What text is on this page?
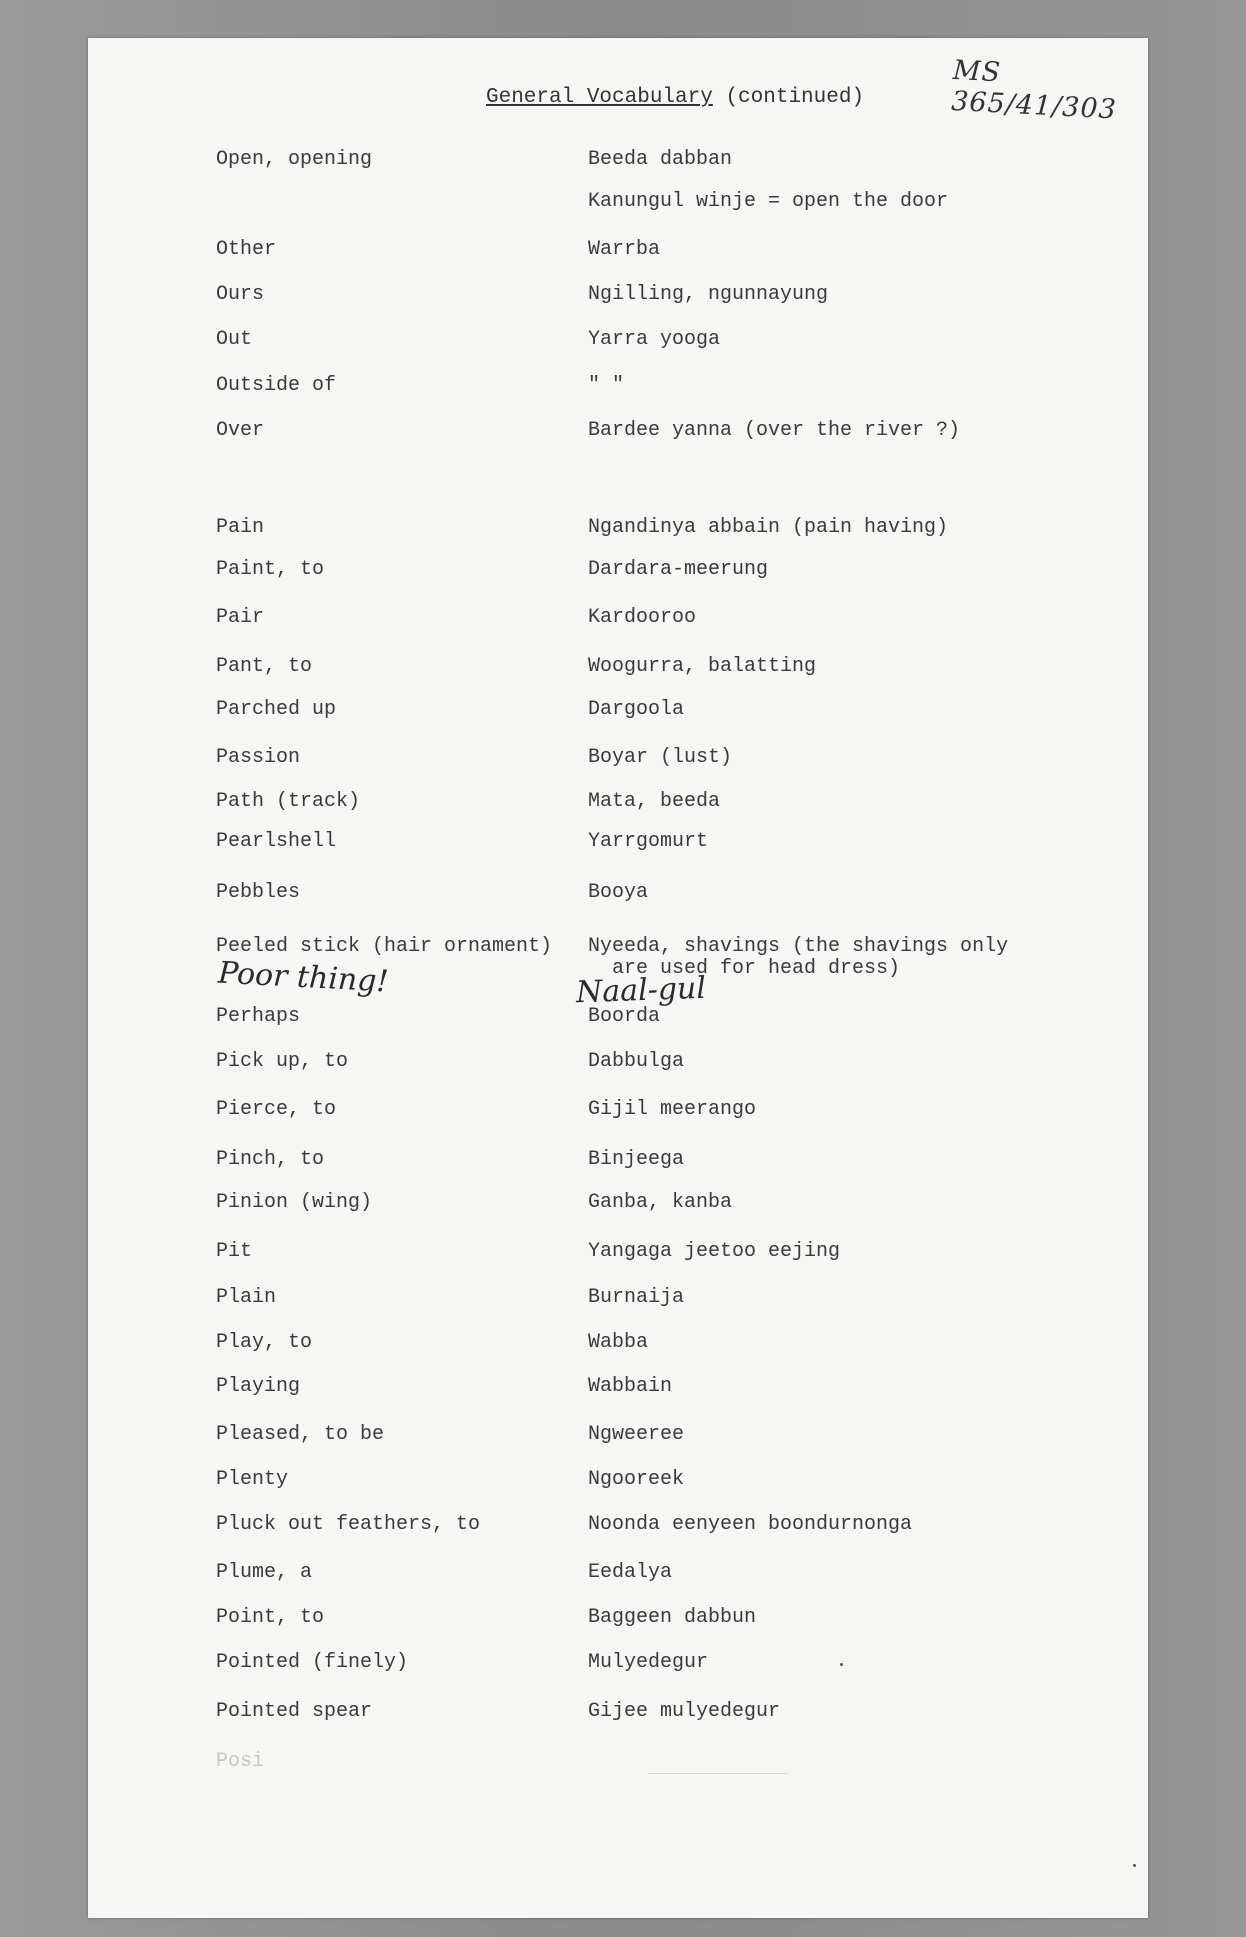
MS 365/41/303
General Vocabulary (continued)
Open, opening	Beeda dabban
Kanungul winje = open the door
Other	Warrba
Ours	Ngilling, ngunnayung
Out	Yarra yooga
Outside of	" "
Over	Bardee yanna (over the river ?)
Pain	Ngandinya abbain (pain having)
Paint, to	Dardara-meerung
Pair	Kardooroo
Pant, to	Woogurra, balatting
Parched up	Dargoola
Passion	Boyar (lust)
Path (track)	Mata, beeda
Pearlshell	Yarrgomurt
Pebbles	Booya
Peeled stick (hair ornament) Nyeeda, shavings (the shavings only
are used for head dress)
Perhaps	Boorda
Pick up, to	Dabbulga
Pierce, to	Gijil meerango
Pinch, to	Binjeega
Pinion (wing)	Ganba, kanba
Pit	Yangaga jeetoo eejing
Plain	Burnaija
Play, to	Wabba
Playing	Wabbain
Pleased, to be	Ngweeree
Plenty	Ngooreek
Pluck out feathers, to	Noonda eenyeen boondurnonga
Plume, a	Eedalya
Point, to	Baggeen dabbun
Pointed (finely)	Mulyedegur
Pointed spear	Gijee mulyedegur
Posi
Poor thing!	Naal-gul
